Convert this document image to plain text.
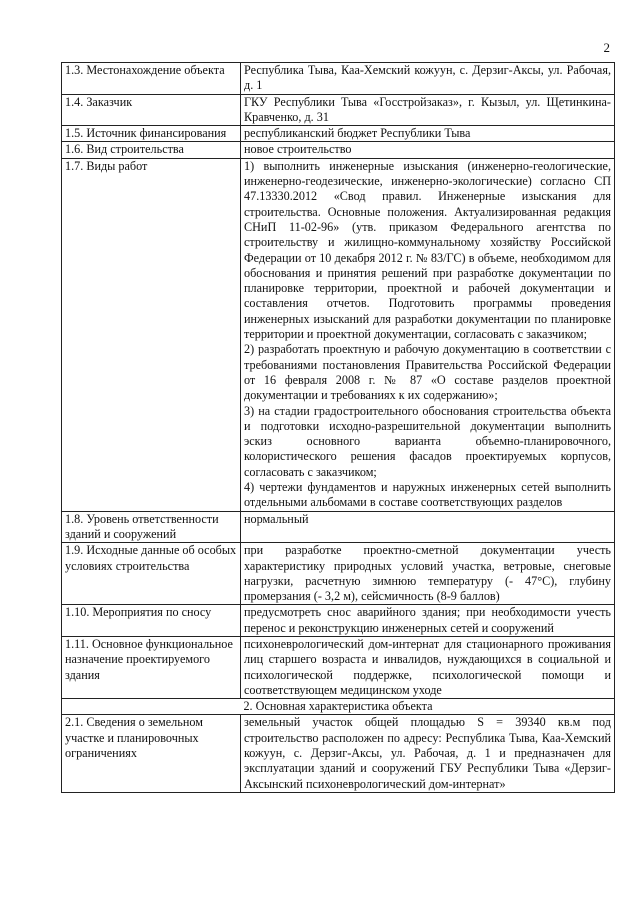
2
1.3. Местонахождение объекта	Республика Тыва, Каа-Хемский кожуун, с. Дерзиг-Аксы, ул. Рабочая, д. 1

1.4. Заказчик	ГКУ Республики Тыва «Госстройзаказ», г. Кызыл, ул. Щетинкина-Кравченко, д. 31

1.5. Источник финансирования	республиканский бюджет Республики Тыва

1.6. Вид строительства	новое строительство

1.7. Виды работ	1) выполнить инженерные изыскания (инженерно-геологические, инженерно-геодезические, инженерно-экологические) согласно СП 47.13330.2012 «Свод правил. Инженерные изыскания для строительства. Основные положения. Актуализированная редакция СНиП 11-02-96» (утв. приказом Федерального агентства по строительству и жилищно-коммунальному хозяйству Российской Федерации от 10 декабря 2012 г. № 83/ГС) в объеме, необходимом для обоснования и принятия решений при разработке документации по планировке территории, проектной и рабочей документации и составления отчетов. Подготовить программы проведения инженерных изысканий для разработки документации по планировке территории и проектной документации, согласовать с заказчиком;
2) разработать проектную и рабочую документацию в соответствии с требованиями постановления Правительства Российской Федерации от 16 февраля 2008 г. № 87 «О составе разделов проектной документации и требованиях к их содержанию»;
3) на стадии градостроительного обоснования строительства объекта и подготовки исходно-разрешительной документации выполнить эскиз основного варианта объемно-планировочного, колористического решения фасадов проектируемых корпусов, согласовать с заказчиком;
4) чертежи фундаментов и наружных инженерных сетей выполнить отдельными альбомами в составе соответствующих разделов

1.8. Уровень ответственности зданий и сооружений	нормальный

1.9. Исходные данные об особых условиях строительства	при разработке проектно-сметной документации учесть характеристику природных условий участка, ветровые, снеговые нагрузки, расчетную зимнюю температуру (- 47°С), глубину промерзания (- 3,2 м), сейсмичность (8-9 баллов)

1.10. Мероприятия по сносу	предусмотреть снос аварийного здания; при необходимости учесть перенос и реконструкцию инженерных сетей и сооружений

1.11. Основное функциональное назначение проектируемого здания	психоневрологический дом-интернат для стационарного проживания лиц старшего возраста и инвалидов, нуждающихся в социальной и психологической поддержке, психологической помощи и соответствующем медицинском уходе

2. Основная характеристика объекта	
2.1. Сведения о земельном участке и планировочных ограничениях	земельный участок общей площадью S = 39340 кв.м под строительство расположен по адресу: Республика Тыва, Каа-Хемский кожуун, с. Дерзиг-Аксы, ул. Рабочая, д. 1 и предназначен для эксплуатации зданий и сооружений ГБУ Республики Тыва «Дерзиг-Аксынский психоневрологический дом-интернат»
